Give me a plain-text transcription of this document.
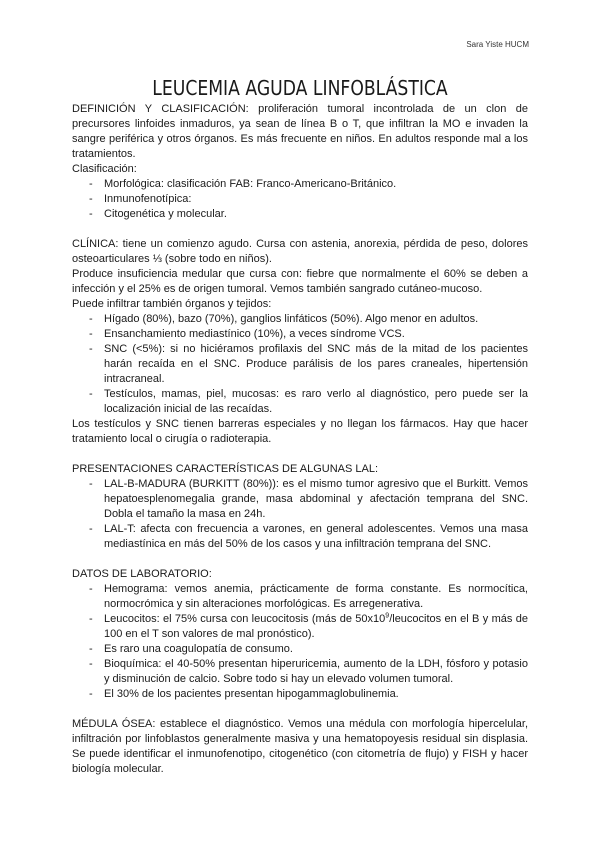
Sara Yiste HUCM
LEUCEMIA AGUDA LINFOBLÁSTICA

DEFINICIÓN Y CLASIFICACIÓN: proliferación tumoral incontrolada de un clon de precursores linfoides inmaduros, ya sean de línea B o T, que infiltran la MO e invaden la sangre periférica y otros órganos. Es más frecuente en niños. En adultos responde mal a los tratamientos.

Clasificación:

- Morfológica: clasificación FAB: Franco-Americano-Británico.
- Inmunofenotípica:
- Citogenética y molecular.

CLÍNICA: tiene un comienzo agudo. Cursa con astenia, anorexia, pérdida de peso, dolores osteoarticulares ⅓ (sobre todo en niños).

Produce insuficiencia medular que cursa con: fiebre que normalmente el 60% se deben a infección y el 25% es de origen tumoral. Vemos también sangrado cutáneo-mucoso.

Puede infiltrar también órganos y tejidos:

- Hígado (80%), bazo (70%), ganglios linfáticos (50%). Algo menor en adultos.
- Ensanchamiento mediastínico (10%), a veces síndrome VCS.
- SNC (<5%): si no hiciéramos profilaxis del SNC más de la mitad de los pacientes harán recaída en el SNC. Produce parálisis de los pares craneales, hipertensión intracraneal.
- Testículos, mamas, piel, mucosas: es raro verlo al diagnóstico, pero puede ser la localización inicial de las recaídas.

Los testículos y SNC tienen barreras especiales y no llegan los fármacos. Hay que hacer tratamiento local o cirugía o radioterapia.

PRESENTACIONES CARACTERÍSTICAS DE ALGUNAS LAL:

- LAL-B-MADURA (BURKITT (80%)): es el mismo tumor agresivo que el Burkitt. Vemos hepatoesplenomegalia grande, masa abdominal y afectación temprana del SNC. Dobla el tamaño la masa en 24h.
- LAL-T: afecta con frecuencia a varones, en general adolescentes. Vemos una masa mediastínica en más del 50% de los casos y una infiltración temprana del SNC.

DATOS DE LABORATORIO:

- Hemograma: vemos anemia, prácticamente de forma constante. Es normocítica, normocrómica y sin alteraciones morfológicas. Es arregenerativa.
- Leucocitos: el 75% cursa con leucocitosis (más de $50x10^9$/leucocitos en el B y más de 100 en el T son valores de mal pronóstico).
- Es raro una coagulopatía de consumo.
- Bioquímica: el 40-50% presentan hiperuricemia, aumento de la LDH, fósforo y potasio y disminución de calcio. Sobre todo si hay un elevado volumen tumoral.
- El 30% de los pacientes presentan hipogammaglobulinemia.

MÉDULA ÓSEA: establece el diagnóstico. Vemos una médula con morfología hipercelular, infiltración por linfoblastos generalmente masiva y una hematopoyesis residual sin displasia. Se puede identificar el inmunofenotipo, citogenético (con citometría de flujo) y FISH y hacer biología molecular.
